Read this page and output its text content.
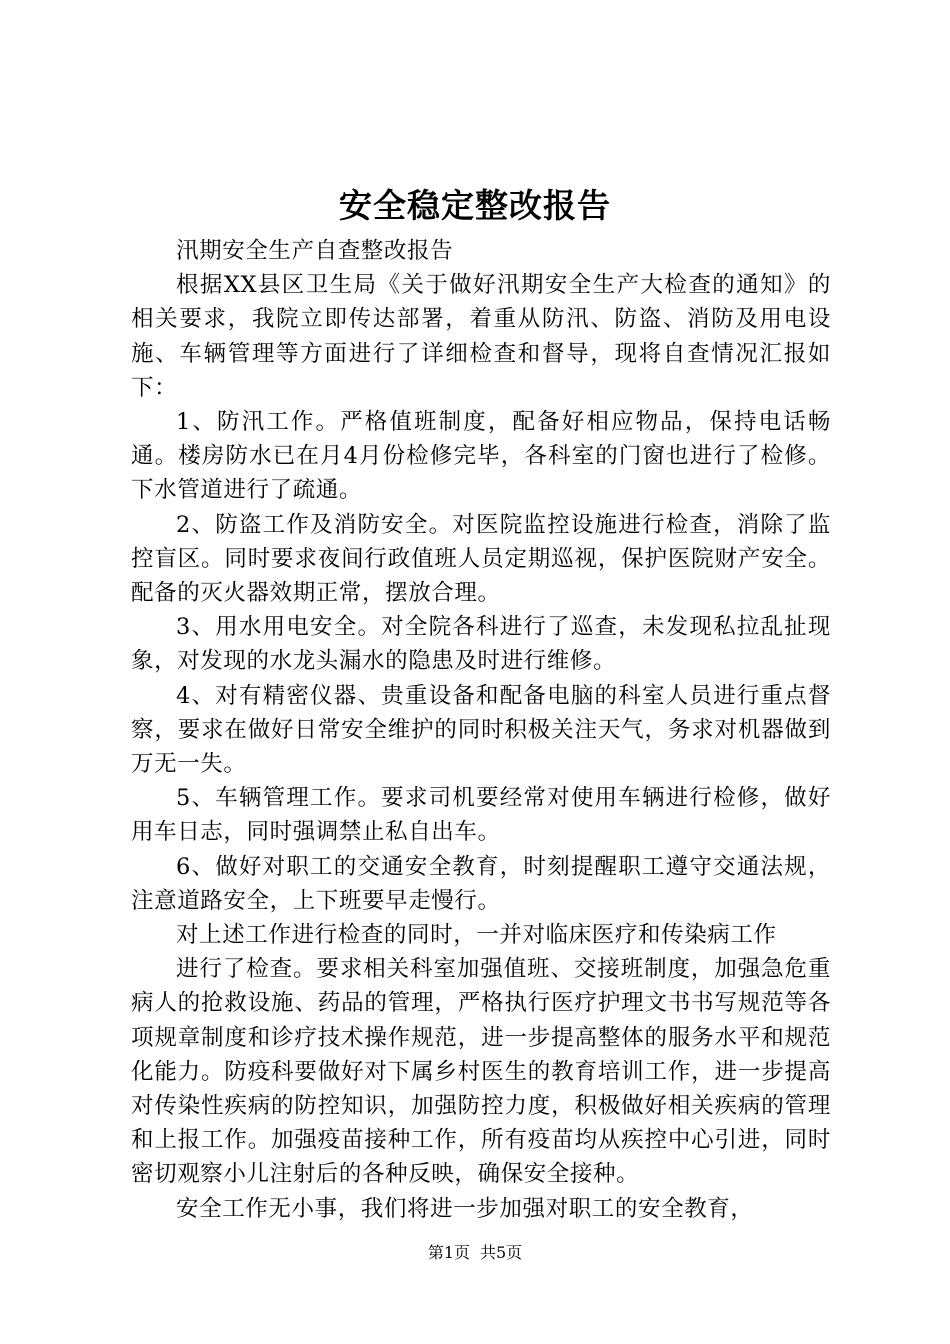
安全稳定整改报告

汛期安全生产自查整改报告

根据XX县区卫生局《关于做好汛期安全生产大检查的通知》的相关要求，我院立即传达部署，着重从防汛、防盗、消防及用电设施、车辆管理等方面进行了详细检查和督导，现将自查情况汇报如下：

1、防汛工作。严格值班制度，配备好相应物品，保持电话畅通。楼房防水已在月4月份检修完毕，各科室的门窗也进行了检修。下水管道进行了疏通。

2、防盗工作及消防安全。对医院监控设施进行检查，消除了监控盲区。同时要求夜间行政值班人员定期巡视，保护医院财产安全。配备的灭火器效期正常，摆放合理。

3、用水用电安全。对全院各科进行了巡查，未发现私拉乱扯现象，对发现的水龙头漏水的隐患及时进行维修。

4、对有精密仪器、贵重设备和配备电脑的科室人员进行重点督察，要求在做好日常安全维护的同时积极关注天气，务求对机器做到万无一失。

5、车辆管理工作。要求司机要经常对使用车辆进行检修，做好用车日志，同时强调禁止私自出车。

6、做好对职工的交通安全教育，时刻提醒职工遵守交通法规，注意道路安全，上下班要早走慢行。

对上述工作进行检查的同时，一并对临床医疗和传染病工作

进行了检查。要求相关科室加强值班、交接班制度，加强急危重病人的抢救设施、药品的管理，严格执行医疗护理文书书写规范等各项规章制度和诊疗技术操作规范，进一步提高整体的服务水平和规范化能力。防疫科要做好对下属乡村医生的教育培训工作，进一步提高对传染性疾病的防控知识，加强防控力度，积极做好相关疾病的管理和上报工作。加强疫苗接种工作，所有疫苗均从疾控中心引进，同时密切观察小儿注射后的各种反映，确保安全接种。

安全工作无小事，我们将进一步加强对职工的安全教育，

第1页 共5页
